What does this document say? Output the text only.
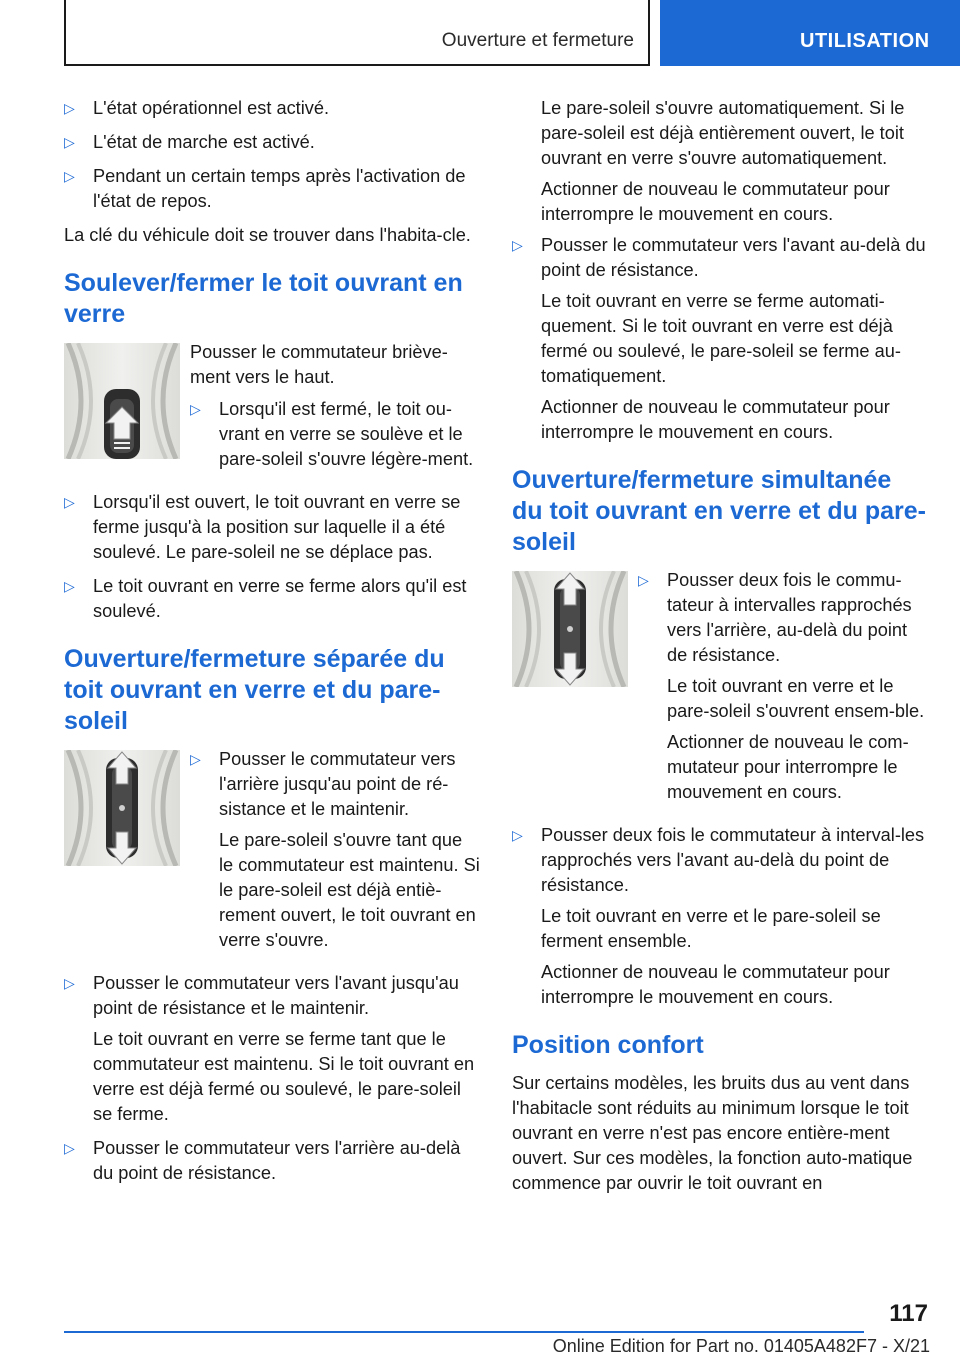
Ouverture et fermeture	UTILISATION
▷ L'état opérationnel est activé.

▷ L'état de marche est activé.

▷ Pendant un certain temps après l'activation de l'état de repos.

La clé du véhicule doit se trouver dans l'habita-cle.

Soulever/fermer le toit ouvrant en verre

Pousser le commutateur briève-ment vers le haut.

▷ Lorsqu'il est fermé, le toit ou-vrant en verre se soulève et le pare-soleil s'ouvre légère-ment.

▷ Lorsqu'il est ouvert, le toit ouvrant en verre se ferme jusqu'à la position sur laquelle il a été soulevé. Le pare-soleil ne se déplace pas.

▷ Le toit ouvrant en verre se ferme alors qu'il est soulevé.

Ouverture/fermeture séparée du toit ouvrant en verre et du pare-soleil
▷ Pousser le commutateur vers l'arrière jusqu'au point de ré-sistance et le maintenir.

Le pare-soleil s'ouvre tant que le commutateur est maintenu. Si le pare-soleil est déjà entiè-rement ouvert, le toit ouvrant en verre s'ouvre.

▷ Pousser le commutateur vers l'avant jusqu'au point de résistance et le maintenir.

Le toit ouvrant en verre se ferme tant que le commutateur est maintenu. Si le toit ouvrant en verre est déjà fermé ou soulevé, le pare-soleil se ferme.

▷ Pousser le commutateur vers l'arrière au-delà du point de résistance.

Le pare-soleil s'ouvre automatiquement. Si le pare-soleil est déjà entièrement ouvert, le toit ouvrant en verre s'ouvre automatiquement.

Actionner de nouveau le commutateur pour interrompre le mouvement en cours.

▷ Pousser le commutateur vers l'avant au-delà du point de résistance.

Le toit ouvrant en verre se ferme automati-quement. Si le toit ouvrant en verre est déjà fermé ou soulevé, le pare-soleil se ferme au-tomatiquement.

Actionner de nouveau le commutateur pour interrompre le mouvement en cours.

Ouverture/fermeture simultanée du toit ouvrant en verre et du pare-soleil
▷ Pousser deux fois le commu-tateur à intervalles rapprochés vers l'arrière, au-delà du point de résistance.

Le toit ouvrant en verre et le pare-soleil s'ouvrent ensem-ble.

Actionner de nouveau le com-mutateur pour interrompre le mouvement en cours.

▷ Pousser deux fois le commutateur à interval-les rapprochés vers l'avant au-delà du point de résistance.

Le toit ouvrant en verre et le pare-soleil se ferment ensemble.

Actionner de nouveau le commutateur pour interrompre le mouvement en cours.

Position confort

Sur certains modèles, les bruits dus au vent dans l'habitacle sont réduits au minimum lorsque le toit ouvrant en verre n'est pas encore entière-ment ouvert. Sur ces modèles, la fonction auto-matique commence par ouvrir le toit ouvrant en

117
Online Edition for Part no. 01405A482F7 - X/21
